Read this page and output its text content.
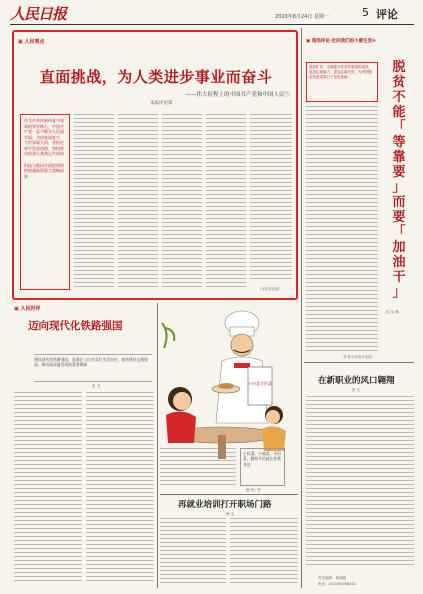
人民日报	2020年8月24日 星期一	5 评论
▣ 人民观点
直面挑战，为人类进步事业而奋斗
——伟大征程上的中国共产党和中国人民⑤
本报评论部
作为中华民族伟复兴使命的领导核心，中国共产党一直不断为人民谋幸福；为国家谋复兴，为世界谋大同；坚持走和平发展道路，坚持推动构建人类命运共同体
科技与数码方面疫情防控措施取得重大战略成果
（本报评论部）
▣ 现场评论·走向我们的小康生活⑩
提质扩容，全面提升扶贫的质量和成效，更加注重能力、更加注重长效，为巩固脱贫攻坚成果打下坚实基础
脱
贫
不
能
「
等
靠
要
」
而
要
「
加
油
干
」
（作者为本报评论部）
▣ 人民时评
迈向现代化铁路强国
建设现代化铁路强国，是满足人民对美好生活向往，加快建设交通强国、推动高质量发展的重要保障
彭 飞	小份菜半份菜
小份菜、小碗菜、半份菜，勤俭节约就在你我身边
晓 明 / 作
在新职业的风口翱翔
张 凡
再就业培训打开职场门路
韩 永
责任编辑：林丽鹂
电话：(010)65368342
桂 从 路
